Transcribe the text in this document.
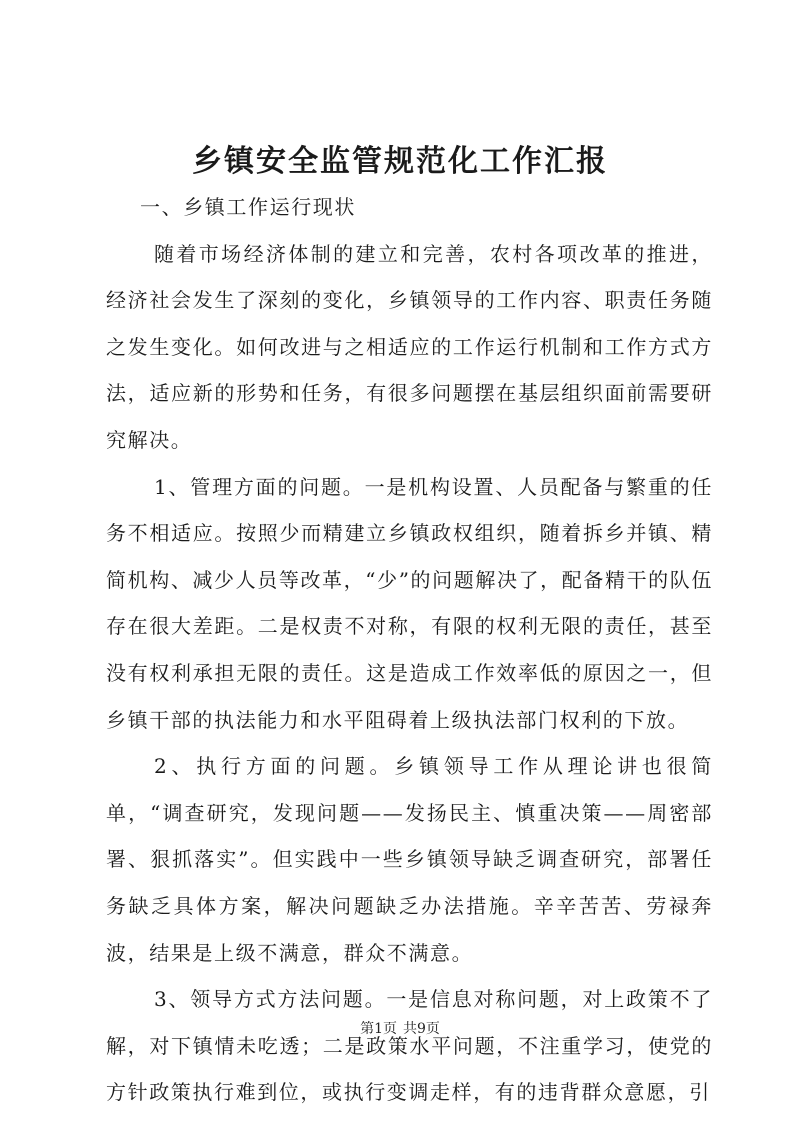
乡镇安全监管规范化工作汇报

一、乡镇工作运行现状

随着市场经济体制的建立和完善，农村各项改革的推进，经济社会发生了深刻的变化，乡镇领导的工作内容、职责任务随之发生变化。如何改进与之相适应的工作运行机制和工作方式方法，适应新的形势和任务，有很多问题摆在基层组织面前需要研究解决。

1、管理方面的问题。一是机构设置、人员配备与繁重的任务不相适应。按照少而精建立乡镇政权组织，随着拆乡并镇、精简机构、减少人员等改革，“少”的问题解决了，配备精干的队伍存在很大差距。二是权责不对称，有限的权利无限的责任，甚至没有权利承担无限的责任。这是造成工作效率低的原因之一，但乡镇干部的执法能力和水平阻碍着上级执法部门权利的下放。

2、执行方面的问题。乡镇领导工作从理论讲也很简单，“调查研究，发现问题——发扬民主、慎重决策——周密部署、狠抓落实”。但实践中一些乡镇领导缺乏调查研究，部署任务缺乏具体方案，解决问题缺乏办法措施。辛辛苦苦、劳禄奔波，结果是上级不满意，群众不满意。

3、领导方式方法问题。一是信息对称问题，对上政策不了解，对下镇情未吃透；二是政策水平问题，不注重学习，使党的方针政策执行难到位，或执行变调走样，有的违背群众意愿，引

第1页 共9页
